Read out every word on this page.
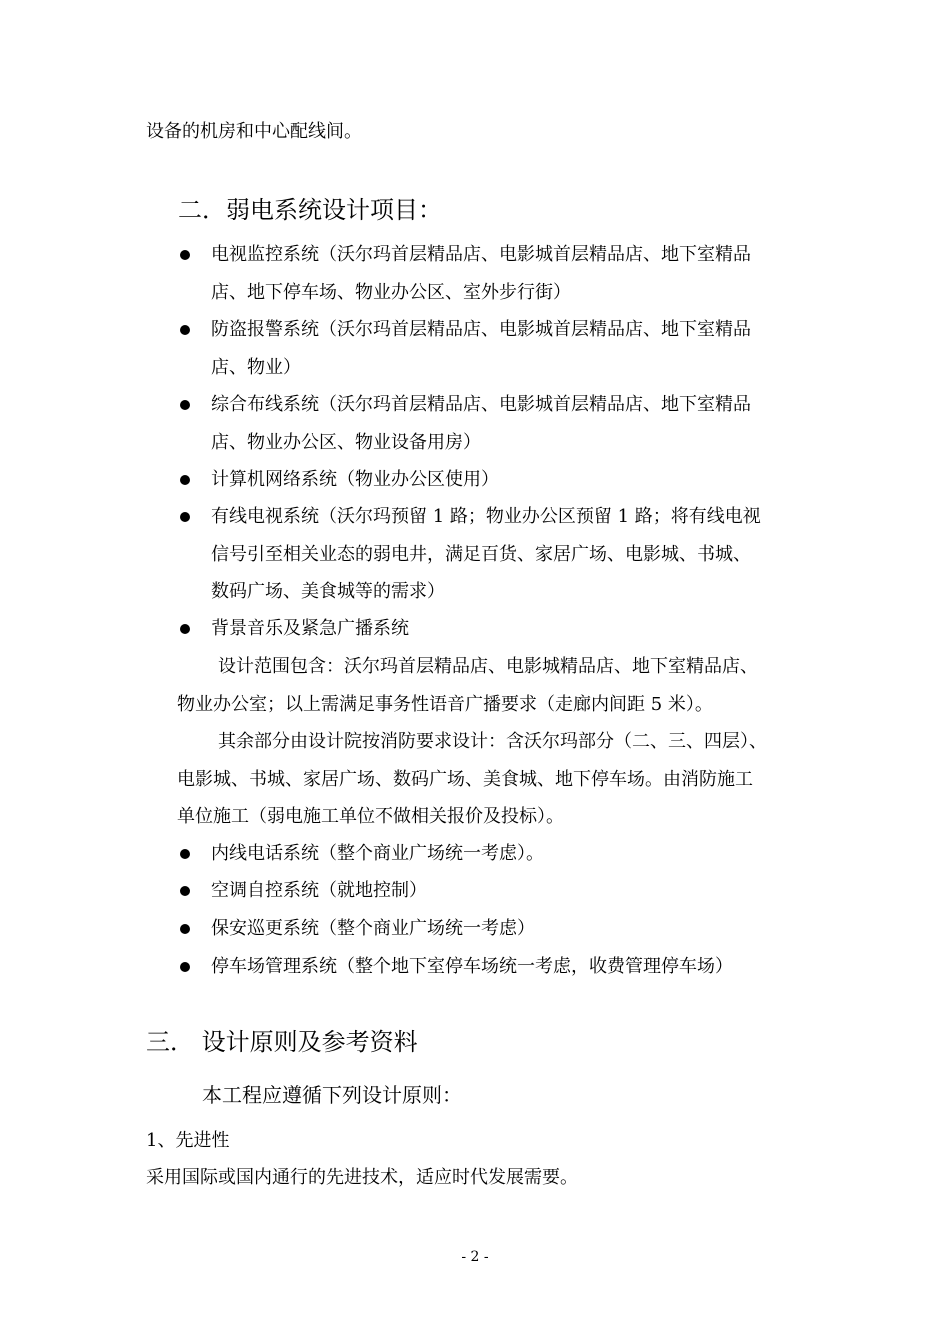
设备的机房和中心配线间。
二．弱电系统设计项目：
电视监控系统（沃尔玛首层精品店、电影城首层精品店、地下室精品
店、地下停车场、物业办公区、室外步行街）
防盗报警系统（沃尔玛首层精品店、电影城首层精品店、地下室精品
店、物业）
综合布线系统（沃尔玛首层精品店、电影城首层精品店、地下室精品
店、物业办公区、物业设备用房）
计算机网络系统（物业办公区使用）
有线电视系统（沃尔玛预留 1 路；物业办公区预留 1 路；将有线电视
信号引至相关业态的弱电井，满足百货、家居广场、电影城、书城、
数码广场、美食城等的需求）
背景音乐及紧急广播系统
设计范围包含：沃尔玛首层精品店、电影城精品店、地下室精品店、
物业办公室；以上需满足事务性语音广播要求（走廊内间距 5 米）。
其余部分由设计院按消防要求设计：含沃尔玛部分（二、三、四层）、
电影城、书城、家居广场、数码广场、美食城、地下停车场。由消防施工
单位施工（弱电施工单位不做相关报价及投标）。
内线电话系统（整个商业广场统一考虑）。
空调自控系统（就地控制）
保安巡更系统（整个商业广场统一考虑）
停车场管理系统（整个地下室停车场统一考虑，收费管理停车场）
三． 设计原则及参考资料
本工程应遵循下列设计原则：
1、先进性
采用国际或国内通行的先进技术，适应时代发展需要。
- 2 -
